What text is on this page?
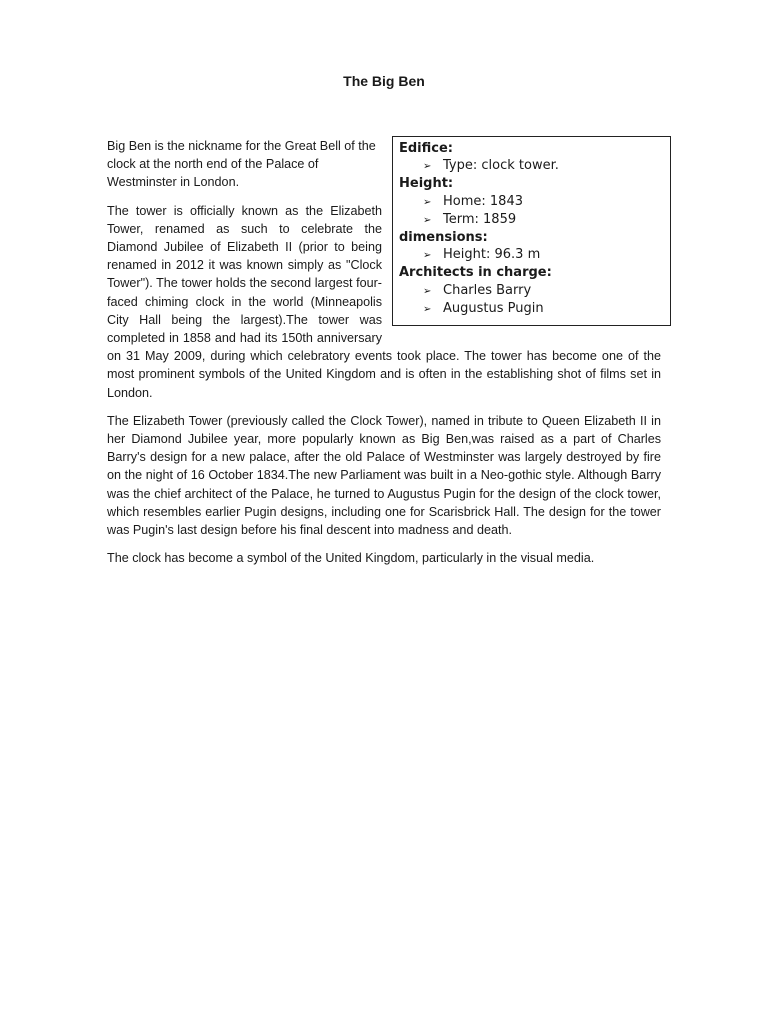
The Big Ben
Edifice:
➢ Type: clock tower.
Height:
➢ Home: 1843
➢ Term: 1859
dimensions:
➢ Height: 96.3 m
Architects in charge:
➢ Charles Barry
➢ Augustus Pugin

Big Ben is the nickname for the Great Bell of the clock at the north end of the Palace of Westminster in London.

The tower is officially known as the Elizabeth Tower, renamed as such to celebrate the Diamond Jubilee of Elizabeth II (prior to being renamed in 2012 it was known simply as "Clock Tower"). The tower holds the second largest four-faced chiming clock in the world (Minneapolis City Hall being the largest).The tower was completed in 1858 and had its 150th anniversary on 31 May 2009, during which celebratory events took place. The tower has become one of the most prominent symbols of the United Kingdom and is often in the establishing shot of films set in London.

The Elizabeth Tower (previously called the Clock Tower), named in tribute to Queen Elizabeth II in her Diamond Jubilee year, more popularly known as Big Ben,was raised as a part of Charles Barry's design for a new palace, after the old Palace of Westminster was largely destroyed by fire on the night of 16 October 1834.The new Parliament was built in a Neo-gothic style. Although Barry was the chief architect of the Palace, he turned to Augustus Pugin for the design of the clock tower, which resembles earlier Pugin designs, including one for Scarisbrick Hall. The design for the tower was Pugin's last design before his final descent into madness and death.

The clock has become a symbol of the United Kingdom, particularly in the visual media.
